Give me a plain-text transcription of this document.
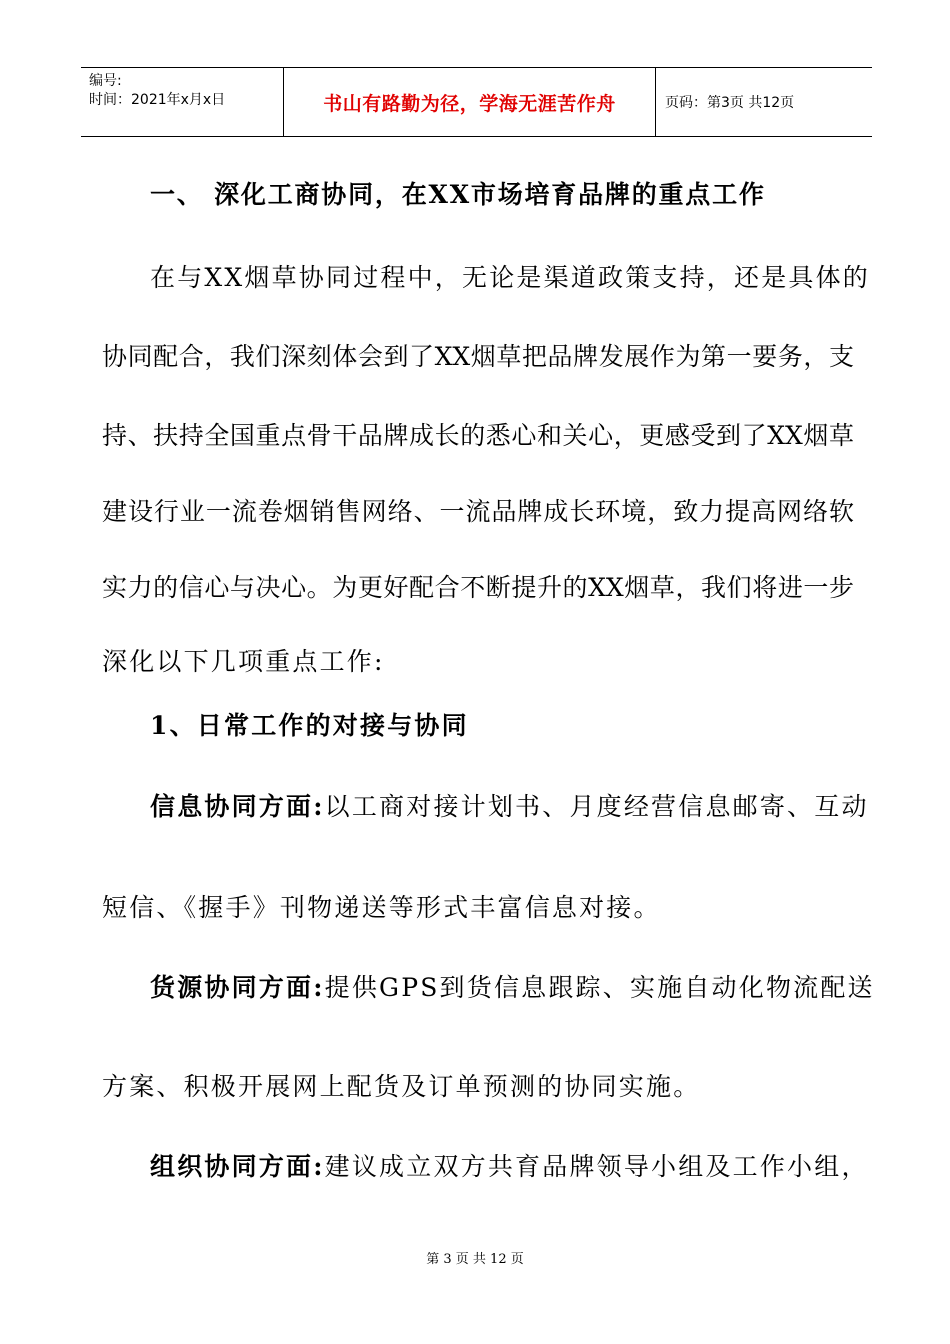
编号:
时间：2021年x月x日	书山有路勤为径，学海无涯苦作舟	页码：第3页 共12页
一、 深化工商协同，在XX市场培育品牌的重点工作
在与XX烟草协同过程中，无论是渠道政策支持，还是具体的
协同配合，我们深刻体会到了XX烟草把品牌发展作为第一要务，支
持、扶持全国重点骨干品牌成长的悉心和关心，更感受到了XX烟草
建设行业一流卷烟销售网络、一流品牌成长环境，致力提高网络软
实力的信心与决心。为更好配合不断提升的XX烟草，我们将进一步
深化以下几项重点工作:
1、日常工作的对接与协同
信息协同方面:以工商对接计划书、月度经营信息邮寄、互动
短信、《握手》刊物递送等形式丰富信息对接。
货源协同方面:提供GPS到货信息跟踪、实施自动化物流配送
方案、积极开展网上配货及订单预测的协同实施。
组织协同方面:建议成立双方共育品牌领导小组及工作小组，
第 3 页 共 12 页
